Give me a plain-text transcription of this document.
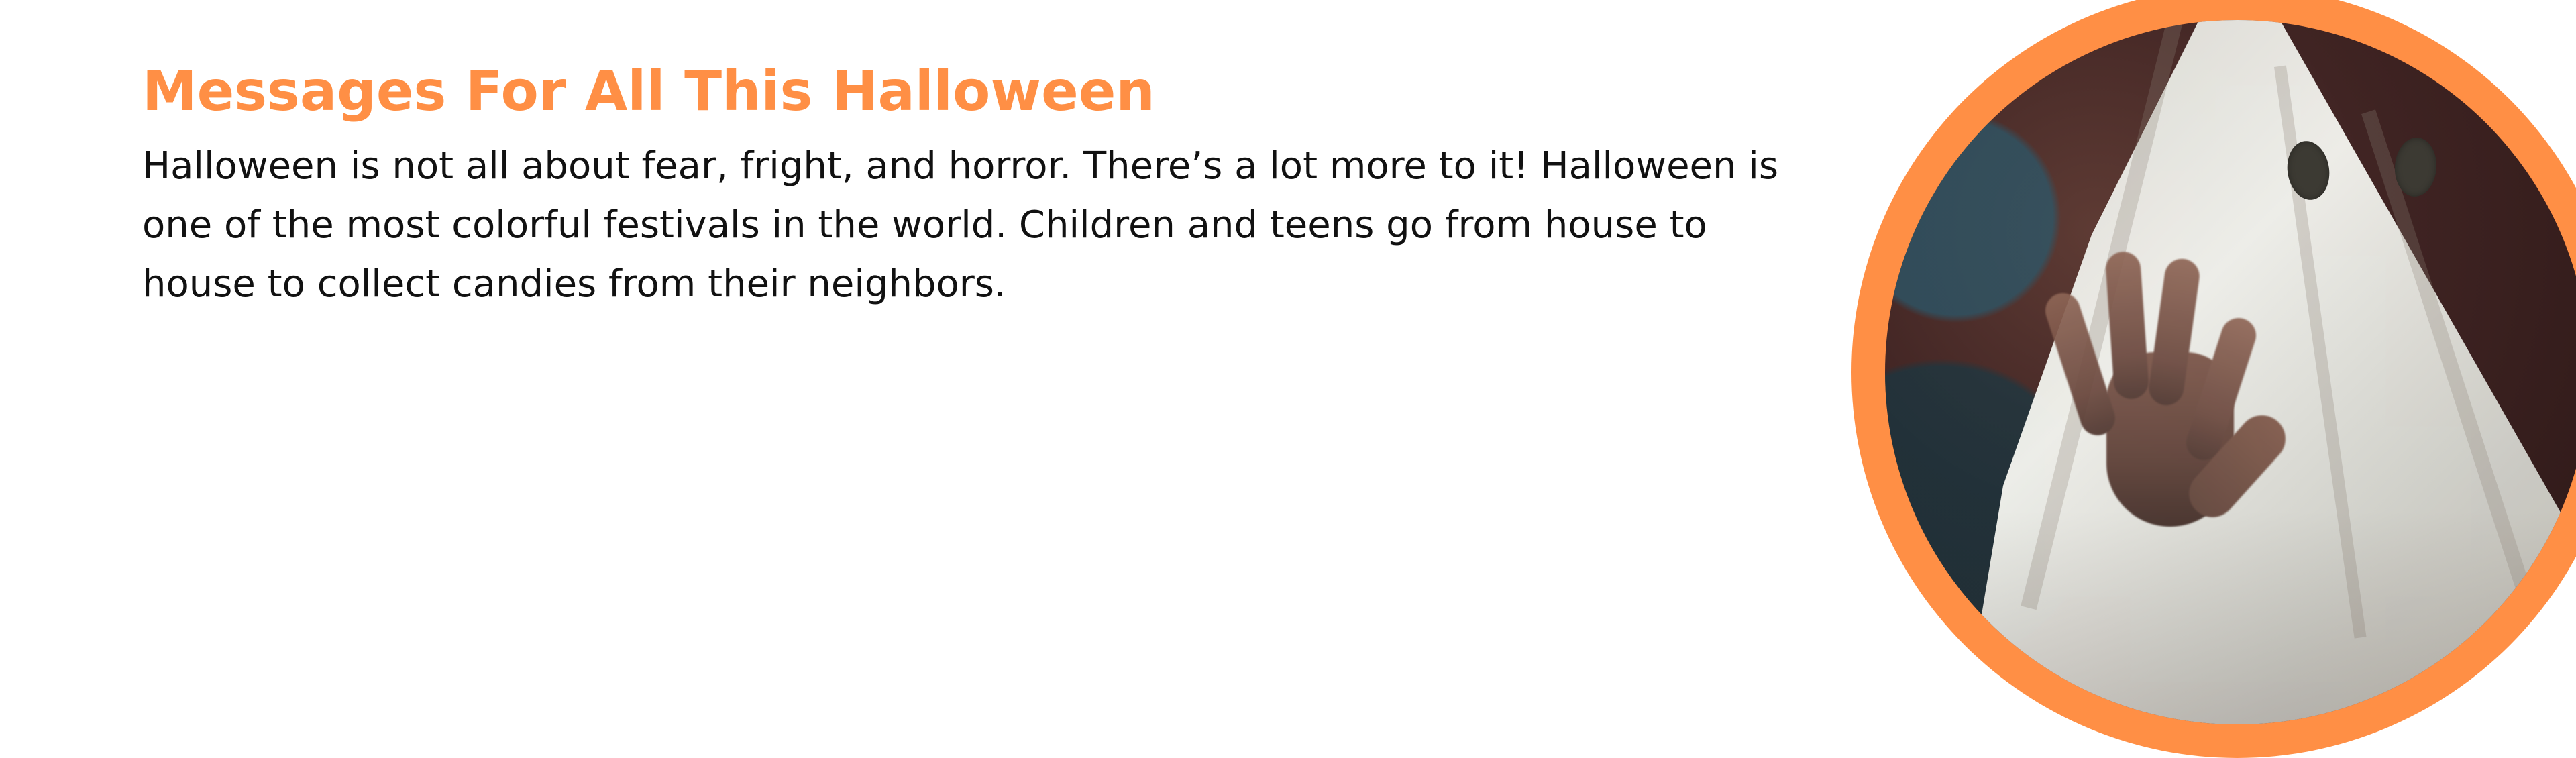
Messages For All This Halloween

Halloween is not all about fear, fright, and horror. There’s a lot more to it! Halloween is one of the most colorful festivals in the world. Children and teens go from house to house to collect candies from their neighbors.
